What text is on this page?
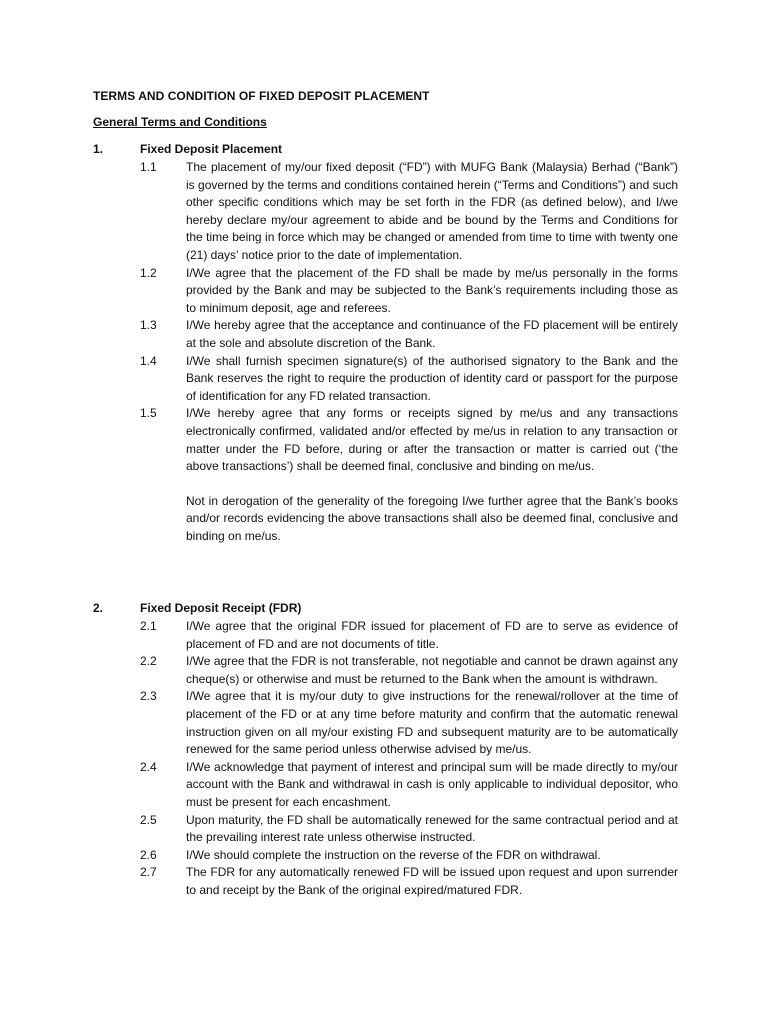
TERMS AND CONDITION OF FIXED DEPOSIT PLACEMENT
General Terms and Conditions
1.	Fixed Deposit Placement
1.1 The placement of my/our fixed deposit (“FD”) with MUFG Bank (Malaysia) Berhad (“Bank”) is governed by the terms and conditions contained herein (“Terms and Conditions”) and such other specific conditions which may be set forth in the FDR (as defined below), and I/we hereby declare my/our agreement to abide and be bound by the Terms and Conditions for the time being in force which may be changed or amended from time to time with twenty one (21) days’ notice prior to the date of implementation.
1.2 I/We agree that the placement of the FD shall be made by me/us personally in the forms provided by the Bank and may be subjected to the Bank’s requirements including those as to minimum deposit, age and referees.
1.3 I/We hereby agree that the acceptance and continuance of the FD placement will be entirely at the sole and absolute discretion of the Bank.
1.4 I/We shall furnish specimen signature(s) of the authorised signatory to the Bank and the Bank reserves the right to require the production of identity card or passport for the purpose of identification for any FD related transaction.
1.5 I/We hereby agree that any forms or receipts signed by me/us and any transactions electronically confirmed, validated and/or effected by me/us in relation to any transaction or matter under the FD before, during or after the transaction or matter is carried out (‘the above transactions’) shall be deemed final, conclusive and binding on me/us.
Not in derogation of the generality of the foregoing I/we further agree that the Bank’s books and/or records evidencing the above transactions shall also be deemed final, conclusive and binding on me/us.
2.	Fixed Deposit Receipt (FDR)
2.1 I/We agree that the original FDR issued for placement of FD are to serve as evidence of placement of FD and are not documents of title.
2.2 I/We agree that the FDR is not transferable, not negotiable and cannot be drawn against any cheque(s) or otherwise and must be returned to the Bank when the amount is withdrawn.
2.3 I/We agree that it is my/our duty to give instructions for the renewal/rollover at the time of placement of the FD or at any time before maturity and confirm that the automatic renewal instruction given on all my/our existing FD and subsequent maturity are to be automatically renewed for the same period unless otherwise advised by me/us.
2.4 I/We acknowledge that payment of interest and principal sum will be made directly to my/our account with the Bank and withdrawal in cash is only applicable to individual depositor, who must be present for each encashment.
2.5 Upon maturity, the FD shall be automatically renewed for the same contractual period and at the prevailing interest rate unless otherwise instructed.
2.6 I/We should complete the instruction on the reverse of the FDR on withdrawal.
2.7 The FDR for any automatically renewed FD will be issued upon request and upon surrender to and receipt by the Bank of the original expired/matured FDR.
